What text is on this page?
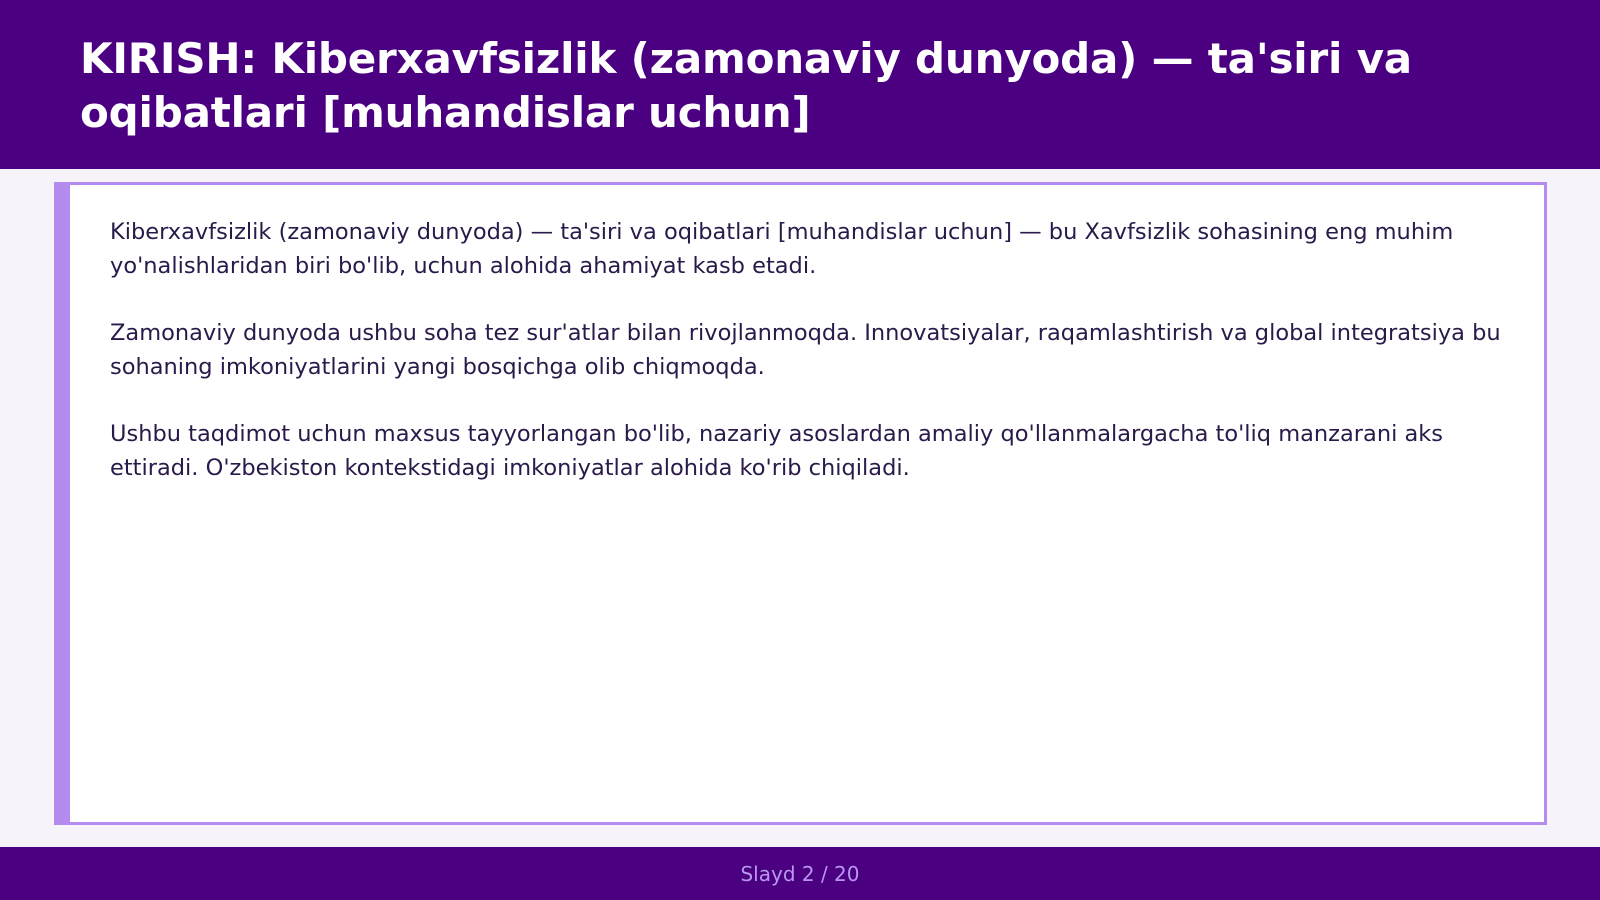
KIRISH: Kiberxavfsizlik (zamonaviy dunyoda) — ta'siri va oqibatlari [muhandislar uchun]

Kiberxavfsizlik (zamonaviy dunyoda) — ta'siri va oqibatlari [muhandislar uchun] — bu Xavfsizlik sohasining eng muhim yo'nalishlaridan biri bo'lib, uchun alohida ahamiyat kasb etadi.

Zamonaviy dunyoda ushbu soha tez sur'atlar bilan rivojlanmoqda. Innovatsiyalar, raqamlashtirish va global integratsiya bu sohaning imkoniyatlarini yangi bosqichga olib chiqmoqda.

Ushbu taqdimot uchun maxsus tayyorlangan bo'lib, nazariy asoslardan amaliy qo'llanmalargacha to'liq manzarani aks ettiradi. O'zbekiston kontekstidagi imkoniyatlar alohida ko'rib chiqiladi.

Slayd 2 / 20
